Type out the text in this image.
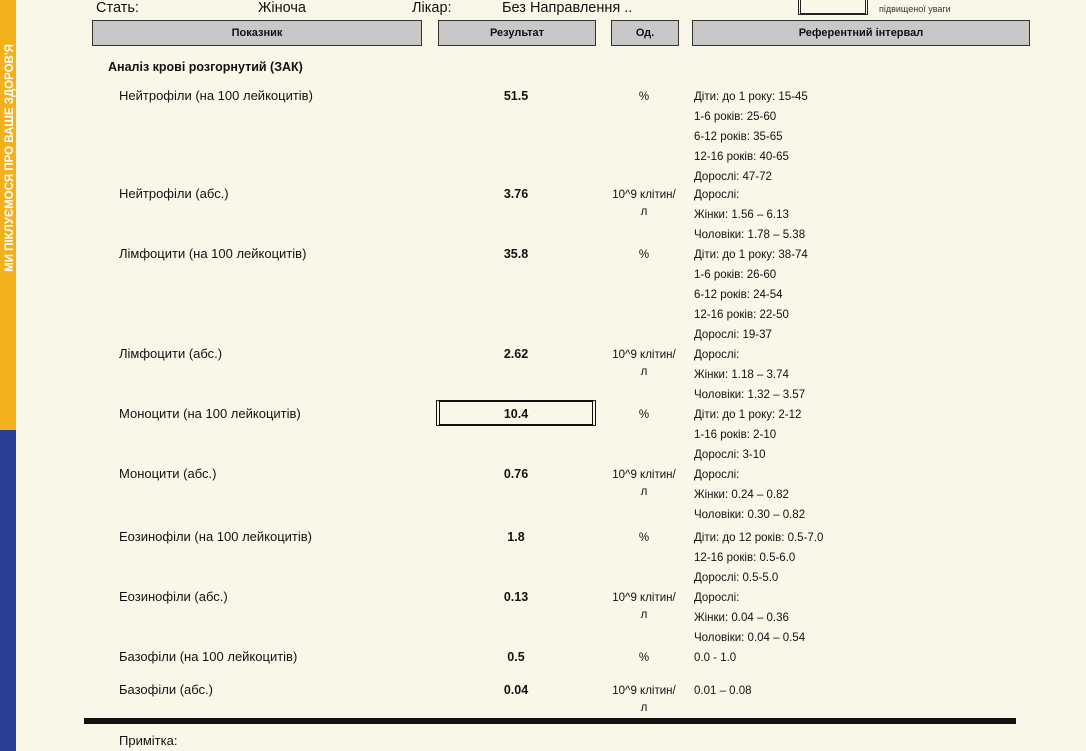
МИ ПІКЛУЄМОСЯ ПРО ВАШЕ ЗДОРОВ'Я
Стать:	Жіноча	Лікар:	Без Направлення ..	підвищеної уваги
Показник	Результат	Од.	Референтний інтервал
Аналіз крові розгорнутий (ЗАК)
Нейтрофіли (на 100 лейкоцитів)	51.5	%	Діти: до 1 року: 15-45
1-6 років: 25-60
6-12 років: 35-65
12-16 років: 40-65
Дорослі: 47-72
Нейтрофіли (абс.)	3.76	10^9 клітин/л
Дорослі:
Жінки: 1.56 – 6.13
Чоловіки: 1.78 – 5.38
Лімфоцити (на 100 лейкоцитів)	35.8	%	Діти: до 1 року: 38-74
1-6 років: 26-60
6-12 років: 24-54
12-16 років: 22-50
Дорослі: 19-37
Лімфоцити (абс.)	2.62	10^9 клітин/л
Дорослі:
Жінки: 1.18 – 3.74
Чоловіки: 1.32 – 3.57
Моноцити (на 100 лейкоцитів)	10.4	%	Діти: до 1 року: 2-12
1-16 років: 2-10
Дорослі: 3-10
Моноцити (абс.)	0.76	10^9 клітин/л
Дорослі:
Жінки: 0.24 – 0.82
Чоловіки: 0.30 – 0.82
Еозинофіли (на 100 лейкоцитів)	1.8	%	Діти: до 12 років: 0.5-7.0
12-16 років: 0.5-6.0
Дорослі: 0.5-5.0
Еозинофіли (абс.)	0.13	10^9 клітин/л
Дорослі:
Жінки: 0.04 – 0.36
Чоловіки: 0.04 – 0.54
Базофіли (на 100 лейкоцитів)	0.5	%	0.0 - 1.0
Базофіли (абс.)	0.04	10^9 клітин/л
0.01 – 0.08
Примітка:
